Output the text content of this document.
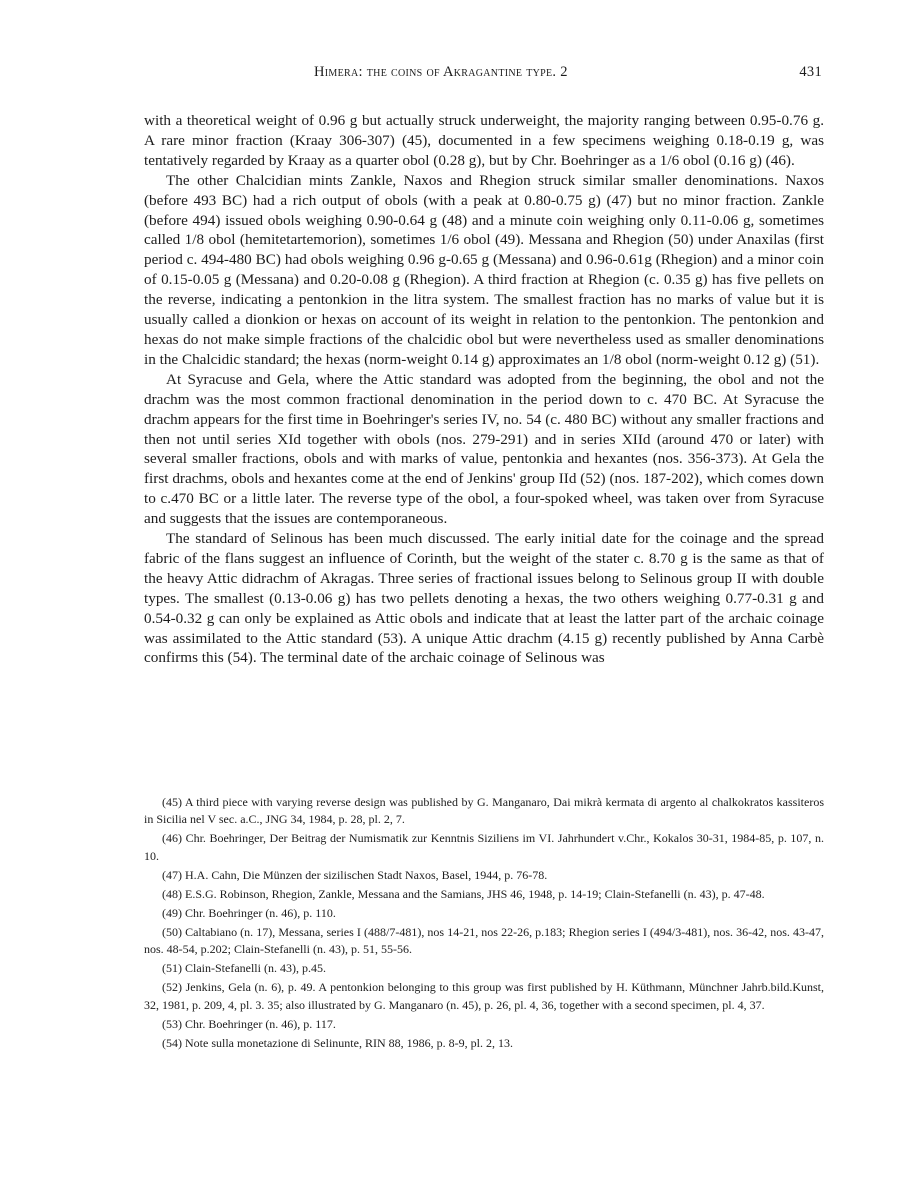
Himera: the coins of Akragantine type. 2	431

with a theoretical weight of 0.96 g but actually struck underweight, the majority ranging between 0.95-0.76 g. A rare minor fraction (Kraay 306-307) (45), documented in a few specimens weighing 0.18-0.19 g, was tentatively regarded by Kraay as a quarter obol (0.28 g), but by Chr. Boehringer as a 1/6 obol (0.16 g) (46).

The other Chalcidian mints Zankle, Naxos and Rhegion struck similar smaller denominations. Naxos (before 493 BC) had a rich output of obols (with a peak at 0.80-0.75 g) (47) but no minor fraction. Zankle (before 494) issued obols weighing 0.90-0.64 g (48) and a minute coin weighing only 0.11-0.06 g, sometimes called 1/8 obol (hemitetartemorion), sometimes 1/6 obol (49). Messana and Rhegion (50) under Anaxilas (first period c. 494-480 BC) had obols weighing 0.96 g-0.65 g (Messana) and 0.96-0.61g (Rhegion) and a minor coin of 0.15-0.05 g (Messana) and 0.20-0.08 g (Rhegion). A third fraction at Rhegion (c. 0.35 g) has five pellets on the reverse, indicating a pentonkion in the litra system. The smallest fraction has no marks of value but it is usually called a dionkion or hexas on account of its weight in relation to the pentonkion. The pentonkion and hexas do not make simple fractions of the chalcidic obol but were nevertheless used as smaller denominations in the Chalcidic standard; the hexas (norm-weight 0.14 g) approximates an 1/8 obol (norm-weight 0.12 g) (51).

At Syracuse and Gela, where the Attic standard was adopted from the beginning, the obol and not the drachm was the most common fractional denomination in the period down to c. 470 BC. At Syracuse the drachm appears for the first time in Boehringer's series IV, no. 54 (c. 480 BC) without any smaller fractions and then not until series XId together with obols (nos. 279-291) and in series XIId (around 470 or later) with several smaller fractions, obols and with marks of value, pentonkia and hexantes (nos. 356-373). At Gela the first drachms, obols and hexantes come at the end of Jenkins' group IId (52) (nos. 187-202), which comes down to c.470 BC or a little later. The reverse type of the obol, a four-spoked wheel, was taken over from Syracuse and suggests that the issues are contemporaneous.

The standard of Selinous has been much discussed. The early initial date for the coinage and the spread fabric of the flans suggest an influence of Corinth, but the weight of the stater c. 8.70 g is the same as that of the heavy Attic didrachm of Akragas. Three series of fractional issues belong to Selinous group II with double types. The smallest (0.13-0.06 g) has two pellets denoting a hexas, the two others weighing 0.77-0.31 g and 0.54-0.32 g can only be explained as Attic obols and indicate that at least the latter part of the archaic coinage was assimilated to the Attic standard (53). A unique Attic drachm (4.15 g) recently published by Anna Carbè confirms this (54). The terminal date of the archaic coinage of Selinous was

(45) A third piece with varying reverse design was published by G. Manganaro, Dai mikrà kermata di argento al chalkokratos kassiteros in Sicilia nel V sec. a.C., JNG 34, 1984, p. 28, pl. 2, 7.

(46) Chr. Boehringer, Der Beitrag der Numismatik zur Kenntnis Siziliens im VI. Jahrhundert v.Chr., Kokalos 30-31, 1984-85, p. 107, n. 10.

(47) H.A. Cahn, Die Münzen der sizilischen Stadt Naxos, Basel, 1944, p. 76-78.

(48) E.S.G. Robinson, Rhegion, Zankle, Messana and the Samians, JHS 46, 1948, p. 14-19; Clain-Stefanelli (n. 43), p. 47-48.

(49) Chr. Boehringer (n. 46), p. 110.

(50) Caltabiano (n. 17), Messana, series I (488/7-481), nos 14-21, nos 22-26, p.183; Rhegion series I (494/3-481), nos. 36-42, nos. 43-47, nos. 48-54, p.202; Clain-Stefanelli (n. 43), p. 51, 55-56.

(51) Clain-Stefanelli (n. 43), p.45.

(52) Jenkins, Gela (n. 6), p. 49. A pentonkion belonging to this group was first published by H. Küthmann, Münchner Jahrb.bild.Kunst, 32, 1981, p. 209, 4, pl. 3. 35; also illustrated by G. Manganaro (n. 45), p. 26, pl. 4, 36, together with a second specimen, pl. 4, 37.

(53) Chr. Boehringer (n. 46), p. 117.

(54) Note sulla monetazione di Selinunte, RIN 88, 1986, p. 8-9, pl. 2, 13.
